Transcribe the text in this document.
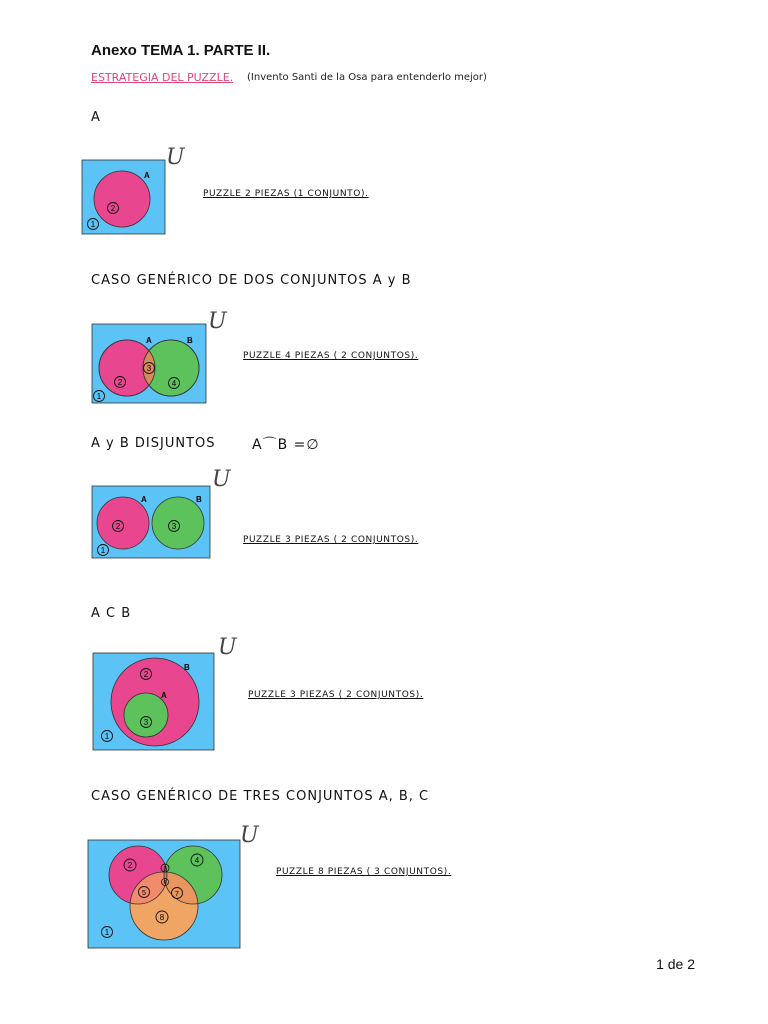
Anexo TEMA 1. PARTE II.
ESTRATEGIA DEL PUZZLE. (Invento Santi de la Osa para entenderlo mejor)
A
A
2
1
U
PUZZLE 2 PIEZAS (1 CONJUNTO).
CASO GENÉRICO DE DOS CONJUNTOS A y B
A	B
2
3
4
1
U
PUZZLE 4 PIEZAS ( 2 CONJUNTOS).
A y B DISJUNTOS	A⌒B =∅
A	B
2	3
1
U
PUZZLE 3 PIEZAS ( 2 CONJUNTOS).
A C B
B
A
2
3
1
U
PUZZLE 3 PIEZAS ( 2 CONJUNTOS).
CASO GENÉRICO DE TRES CONJUNTOS A, B, C
2
4
3
6
5	7
8
1
U
PUZZLE 8 PIEZAS ( 3 CONJUNTOS).
1 de 2
